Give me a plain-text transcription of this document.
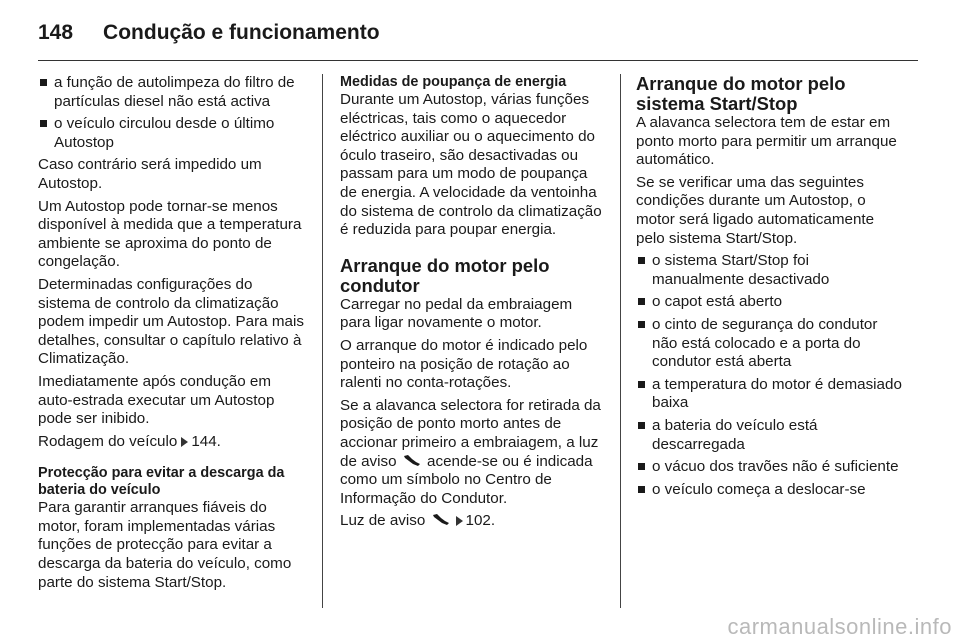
148 Condução e funcionamento
a função de autolimpeza do filtro de partículas diesel não está activa
o veículo circulou desde o último Autostop

Caso contrário será impedido um Autostop.

Um Autostop pode tornar-se menos disponível à medida que a temperatura ambiente se aproxima do ponto de congelação.

Determinadas configurações do sistema de controlo da climatização podem impedir um Autostop. Para mais detalhes, consultar o capítulo relativo à Climatização.

Imediatamente após condução em auto-estrada executar um Autostop pode ser inibido.

Rodagem do veículo 144.

Protecção para evitar a descarga da bateria do veículo

Para garantir arranques fiáveis do motor, foram implementadas várias funções de protecção para evitar a descarga da bateria do veículo, como parte do sistema Start/Stop.

Medidas de poupança de energia

Durante um Autostop, várias funções eléctricas, tais como o aquecedor eléctrico auxiliar ou o aquecimento do óculo traseiro, são desactivadas ou passam para um modo de poupança de energia. A velocidade da ventoinha do sistema de controlo da climatização é reduzida para poupar energia.

Arranque do motor pelo condutor

Carregar no pedal da embraiagem para ligar novamente o motor.

O arranque do motor é indicado pelo ponteiro na posição de rotação ao ralenti no conta-rotações.

Se a alavanca selectora for retirada da posição de ponto morto antes de accionar primeiro a embraiagem, a luz de aviso acende-se ou é indicada como um símbolo no Centro de Informação do Condutor.

Luz de aviso	102.

Arranque do motor pelo sistema Start/Stop

A alavanca selectora tem de estar em ponto morto para permitir um arranque automático.

Se se verificar uma das seguintes condições durante um Autostop, o motor será ligado automaticamente pelo sistema Start/Stop.

o sistema Start/Stop foi manualmente desactivado
o capot está aberto
o cinto de segurança do condutor não está colocado e a porta do condutor está aberta
a temperatura do motor é demasiado baixa
a bateria do veículo está descarregada
o vácuo dos travões não é suficiente
o veículo começa a deslocar-se
carmanualsonline.info
